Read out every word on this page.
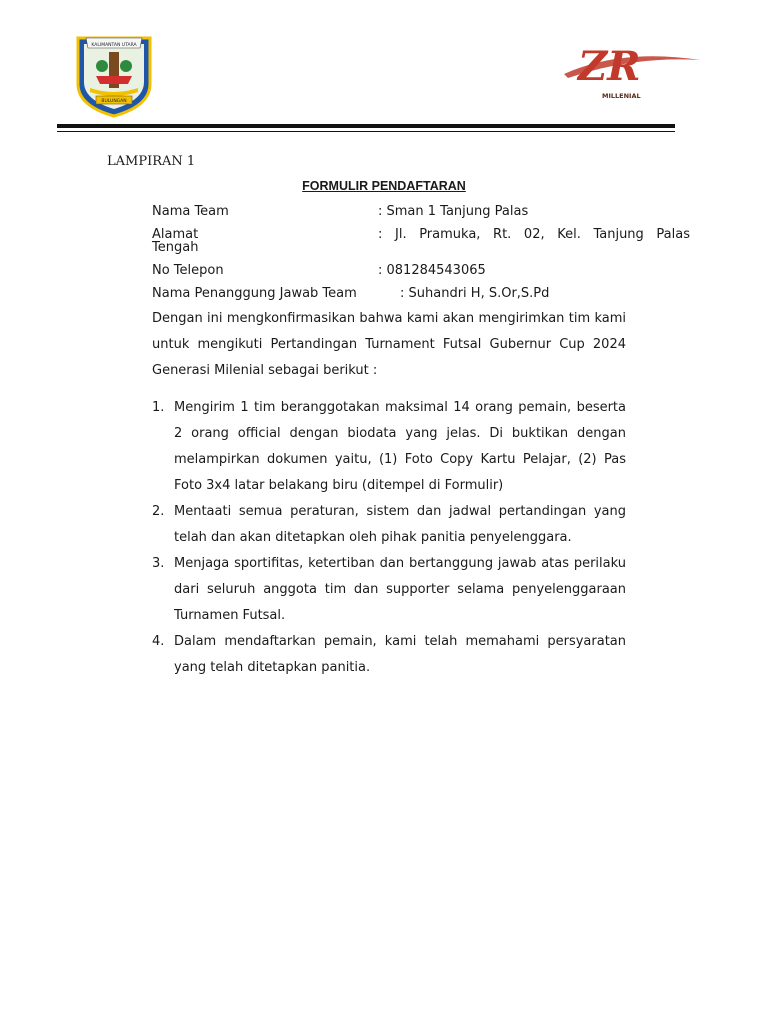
KALIMANTAN UTARA
BULUNGAN
ZR
MILLENIAL
LAMPIRAN 1
FORMULIR PENDAFTARAN
Nama Team	: Sman 1 Tanjung Palas
Alamat	: Jl. Pramuka, Rt. 02, Kel. Tanjung Palas
Tengah
No Telepon	: 081284543065
Nama Penanggung Jawab Team	: Suhandri H, S.Or,S.Pd

Dengan ini mengkonfirmasikan bahwa kami akan mengirimkan tim kami untuk mengikuti Pertandingan Turnament Futsal Gubernur Cup 2024 Generasi Milenial sebagai berikut :

1. Mengirim 1 tim beranggotakan maksimal 14 orang pemain, beserta 2 orang official dengan biodata yang jelas. Di buktikan dengan melampirkan dokumen yaitu, (1) Foto Copy Kartu Pelajar, (2) Pas Foto 3x4 latar belakang biru (ditempel di Formulir)
2. Mentaati semua peraturan, sistem dan jadwal pertandingan yang telah dan akan ditetapkan oleh pihak panitia penyelenggara.
3. Menjaga sportifitas, ketertiban dan bertanggung jawab atas perilaku dari seluruh anggota tim dan supporter selama penyelenggaraan Turnamen Futsal.
4. Dalam mendaftarkan pemain, kami telah memahami persyaratan yang telah ditetapkan panitia.
